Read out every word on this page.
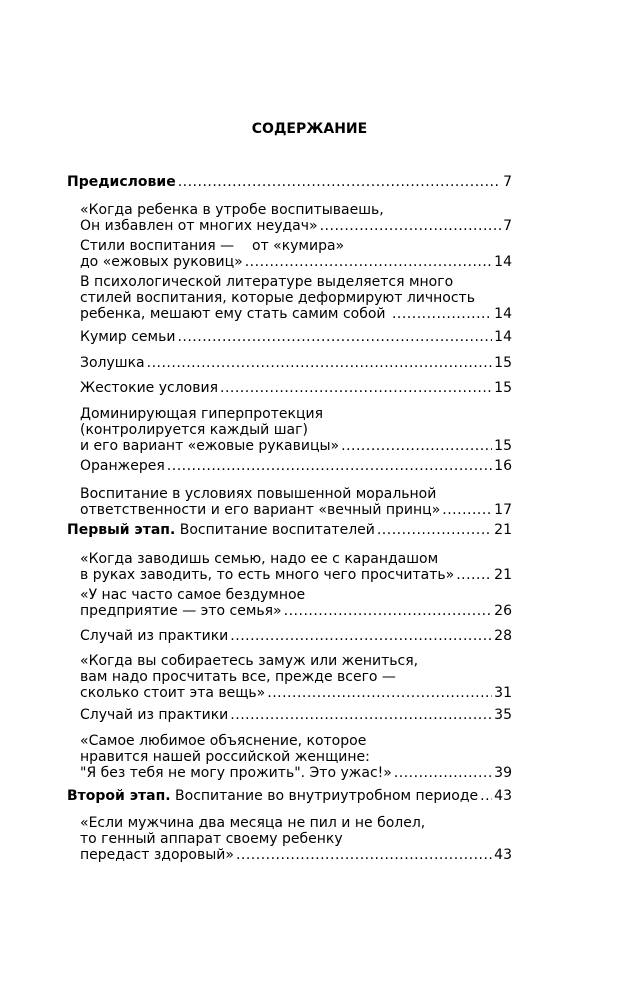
СОДЕРЖАНИЕ
Предисловие .....	7
«Когда ребенка в утробе воспитываешь,
Он избавлен от многих неудач» .....	7
Стили воспитания —    от «кумира»
до «ежовых руковиц» .....	14
В психологической литературе выделяется много
стилей воспитания, которые деформируют личность
ребенка, мешают ему стать самим собой .....	14
Кумир семьи .....	14
Золушка .....	15
Жестокие условия .....	15
Доминирующая гиперпротекция
(контролируется каждый шаг)
и его вариант «ежовые рукавицы» .....	15
Оранжерея .....	16
Воспитание в условиях повышенной моральной
ответственности и его вариант «вечный принц» .....	17
Первый этап.
Воспитание воспитателей .....	21
«Когда заводишь семью, надо ее с карандашом
в руках заводить, то есть много чего просчитать» .....	21
«У нас часто самое бездумное
предприятие — это семья» .....	26
Случай из практики .....	28
«Когда вы собираетесь замуж или жениться,
вам надо просчитать все, прежде всего —
сколько стоит эта вещь» .....	31
Случай из практики .....	35
«Самое любимое объяснение, которое
нравится нашей российской женщине:
"Я без тебя не могу прожить". Это ужас!» .....	39
Второй этап.
Воспитание во внутриутробном периоде ..... 43
«Если мужчина два месяца не пил и не болел,
то генный аппарат своему ребенку
передаст здоровый» .....	43
